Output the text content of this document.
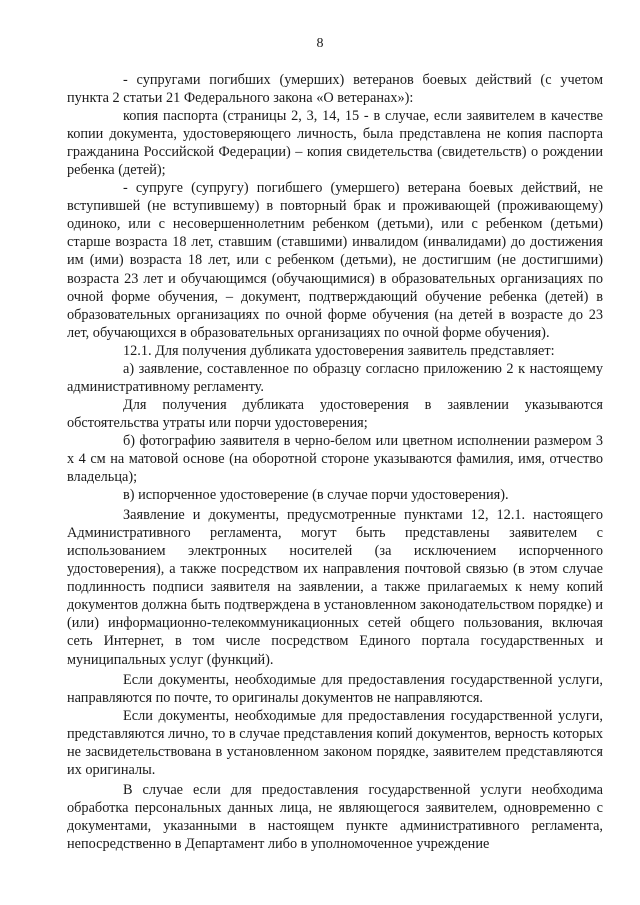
8

- супругами погибших (умерших) ветеранов боевых действий (с учетом пункта 2 статьи 21 Федерального закона «О ветеранах»):

копия паспорта (страницы 2, 3, 14, 15 - в случае, если заявителем в качестве копии документа, удостоверяющего личность, была представлена не копия паспорта гражданина Российской Федерации) – копия свидетельства (свидетельств) о рождении ребенка (детей);

- супруге (супругу) погибшего (умершего) ветерана боевых действий, не вступившей (не вступившему) в повторный брак и проживающей (проживающему) одиноко, или с несовершеннолетним ребенком (детьми), или с ребенком (детьми) старше возраста 18 лет, ставшим (ставшими) инвалидом (инвалидами) до достижения им (ими) возраста 18 лет, или с ребенком (детьми), не достигшим (не достигшими) возраста 23 лет и обучающимся (обучающимися) в образовательных организациях по очной форме обучения, – документ, подтверждающий обучение ребенка (детей) в образовательных организациях по очной форме обучения (на детей в возрасте до 23 лет, обучающихся в образовательных организациях по очной форме обучения).

12.1. Для получения дубликата удостоверения заявитель представляет:

а) заявление, составленное по образцу согласно приложению 2 к настоящему административному регламенту.

Для получения дубликата удостоверения в заявлении указываются обстоятельства утраты или порчи удостоверения;

б) фотографию заявителя в черно-белом или цветном исполнении размером 3 х 4 см на матовой основе (на оборотной стороне указываются фамилия, имя, отчество владельца);

в) испорченное удостоверение (в случае порчи удостоверения).

Заявление и документы, предусмотренные пунктами 12, 12.1. настоящего Административного регламента, могут быть представлены заявителем с использованием электронных носителей (за исключением испорченного удостоверения), а также посредством их направления почтовой связью (в этом случае подлинность подписи заявителя на заявлении, а также прилагаемых к нему копий документов должна быть подтверждена в установленном законодательством порядке) и (или) информационно-телекоммуникационных сетей общего пользования, включая сеть Интернет, в том числе посредством Единого портала государственных и муниципальных услуг (функций).

Если документы, необходимые для предоставления государственной услуги, направляются по почте, то оригиналы документов не направляются.

Если документы, необходимые для предоставления государственной услуги, представляются лично, то в случае представления копий документов, верность которых не засвидетельствована в установленном законом порядке, заявителем представляются их оригиналы.

В случае если для предоставления государственной услуги необходима обработка персональных данных лица, не являющегося заявителем, одновременно с документами, указанными в настоящем пункте административного регламента, непосредственно в Департамент либо в уполномоченное учреждение
